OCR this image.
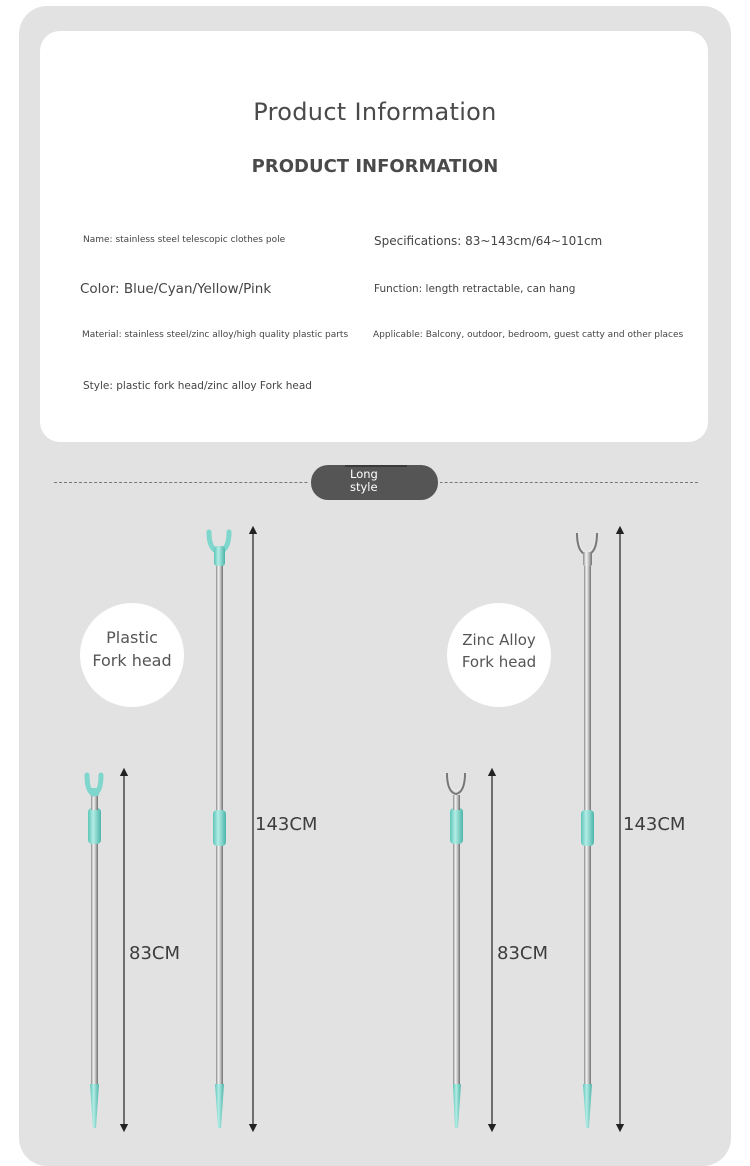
Product Information
PRODUCT INFORMATION
Name: stainless steel telescopic clothes pole	Specifications: 83~143cm/64~101cm
Color: Blue/Cyan/Yellow/Pink	Function: length retractable, can hang
Material: stainless steel/zinc alloy/high quality plastic parts	Applicable: Balcony, outdoor, bedroom, guest catty and other places
Style: plastic fork head/zinc alloy Fork head
Long
style
Plastic
Fork head
Zinc Alloy
Fork head
83CM
143CM
83CM
143CM
